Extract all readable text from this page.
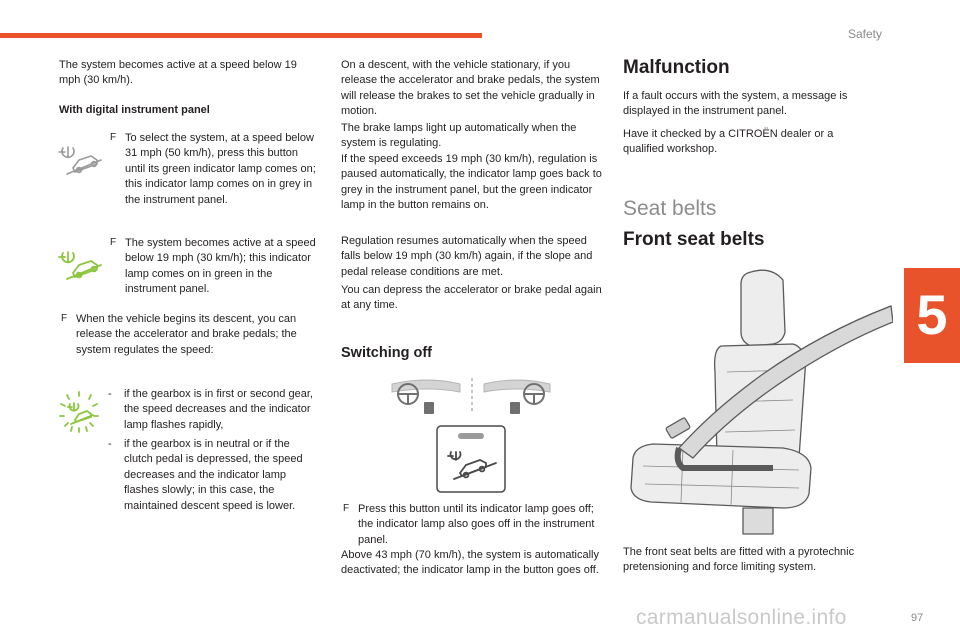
Safety
5
The system becomes active at a speed below 19 mph (30 km/h).
With digital instrument panel
F To select the system, at a speed below 31 mph (50 km/h), press this button until its green indicator lamp comes on; this indicator lamp comes on in grey in the instrument panel.
F The system becomes active at a speed below 19 mph (30 km/h); this indicator lamp comes on in green in the instrument panel.
F When the vehicle begins its descent, you can release the accelerator and brake pedals; the system regulates the speed:
- if the gearbox is in first or second gear, the speed decreases and the indicator lamp flashes rapidly,
- if the gearbox is in neutral or if the clutch pedal is depressed, the speed decreases and the indicator lamp flashes slowly; in this case, the maintained descent speed is lower.
On a descent, with the vehicle stationary, if you release the accelerator and brake pedals, the system will release the brakes to set the vehicle gradually in motion.
The brake lamps light up automatically when the system is regulating.
If the speed exceeds 19 mph (30 km/h), regulation is paused automatically, the indicator lamp goes back to grey in the instrument panel, but the green indicator lamp in the button remains on.
Regulation resumes automatically when the speed falls below 19 mph (30 km/h) again, if the slope and pedal release conditions are met.
You can depress the accelerator or brake pedal again at any time.
Switching off
F Press this button until its indicator lamp goes off; the indicator lamp also goes off in the instrument panel.
Above 43 mph (70 km/h), the system is automatically deactivated; the indicator lamp in the button goes off.
Malfunction
If a fault occurs with the system, a message is displayed in the instrument panel.
Have it checked by a CITROËN dealer or a qualified workshop.
Seat belts
Front seat belts
The front seat belts are fitted with a pyrotechnic pretensioning and force limiting system.
carmanualsonline.info	97
